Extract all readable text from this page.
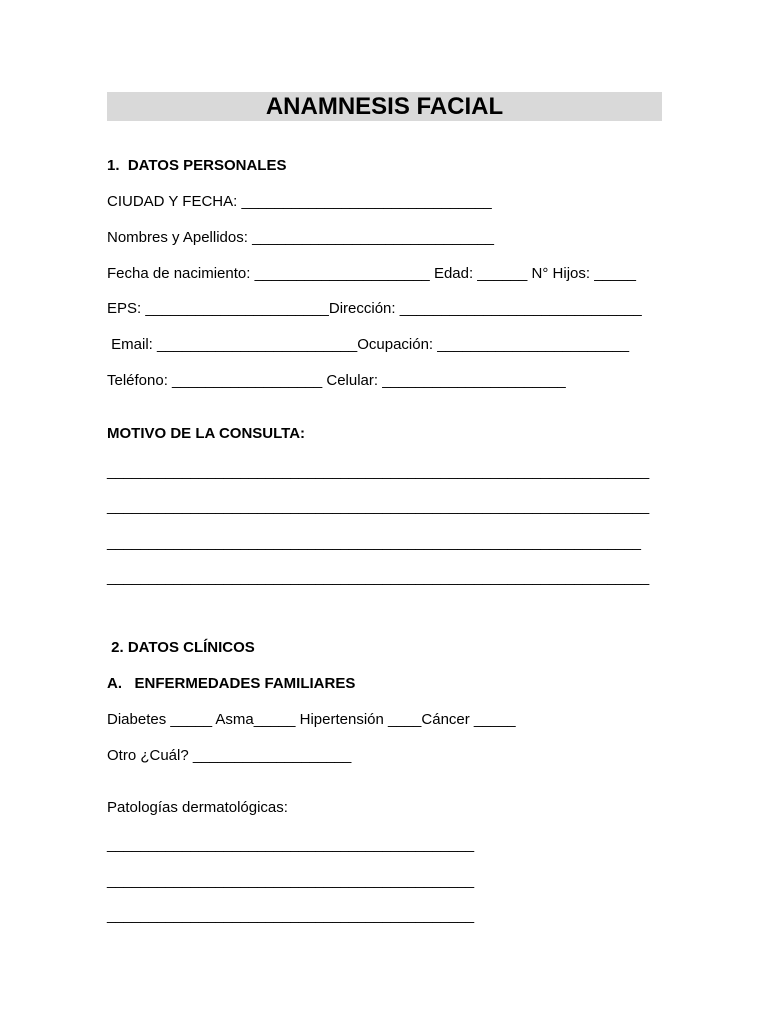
ANAMNESIS FACIAL
1.  DATOS PERSONALES
CIUDAD Y FECHA: ______________________________
Nombres y Apellidos: _____________________________
Fecha de nacimiento: _____________________ Edad: ______ N° Hijos: _____
EPS: ______________________Dirección: _____________________________
Email: ________________________Ocupación: _______________________
Teléfono: __________________ Celular: ______________________
MOTIVO DE LA CONSULTA:
_________________________________________________________________
_________________________________________________________________
________________________________________________________________
_________________________________________________________________
2. DATOS CLÍNICOS
A.   ENFERMEDADES FAMILIARES
Diabetes _____ Asma_____ Hipertensión ____Cáncer _____
Otro ¿Cuál? ___________________
Patologías dermatológicas:
____________________________________________
____________________________________________
____________________________________________
